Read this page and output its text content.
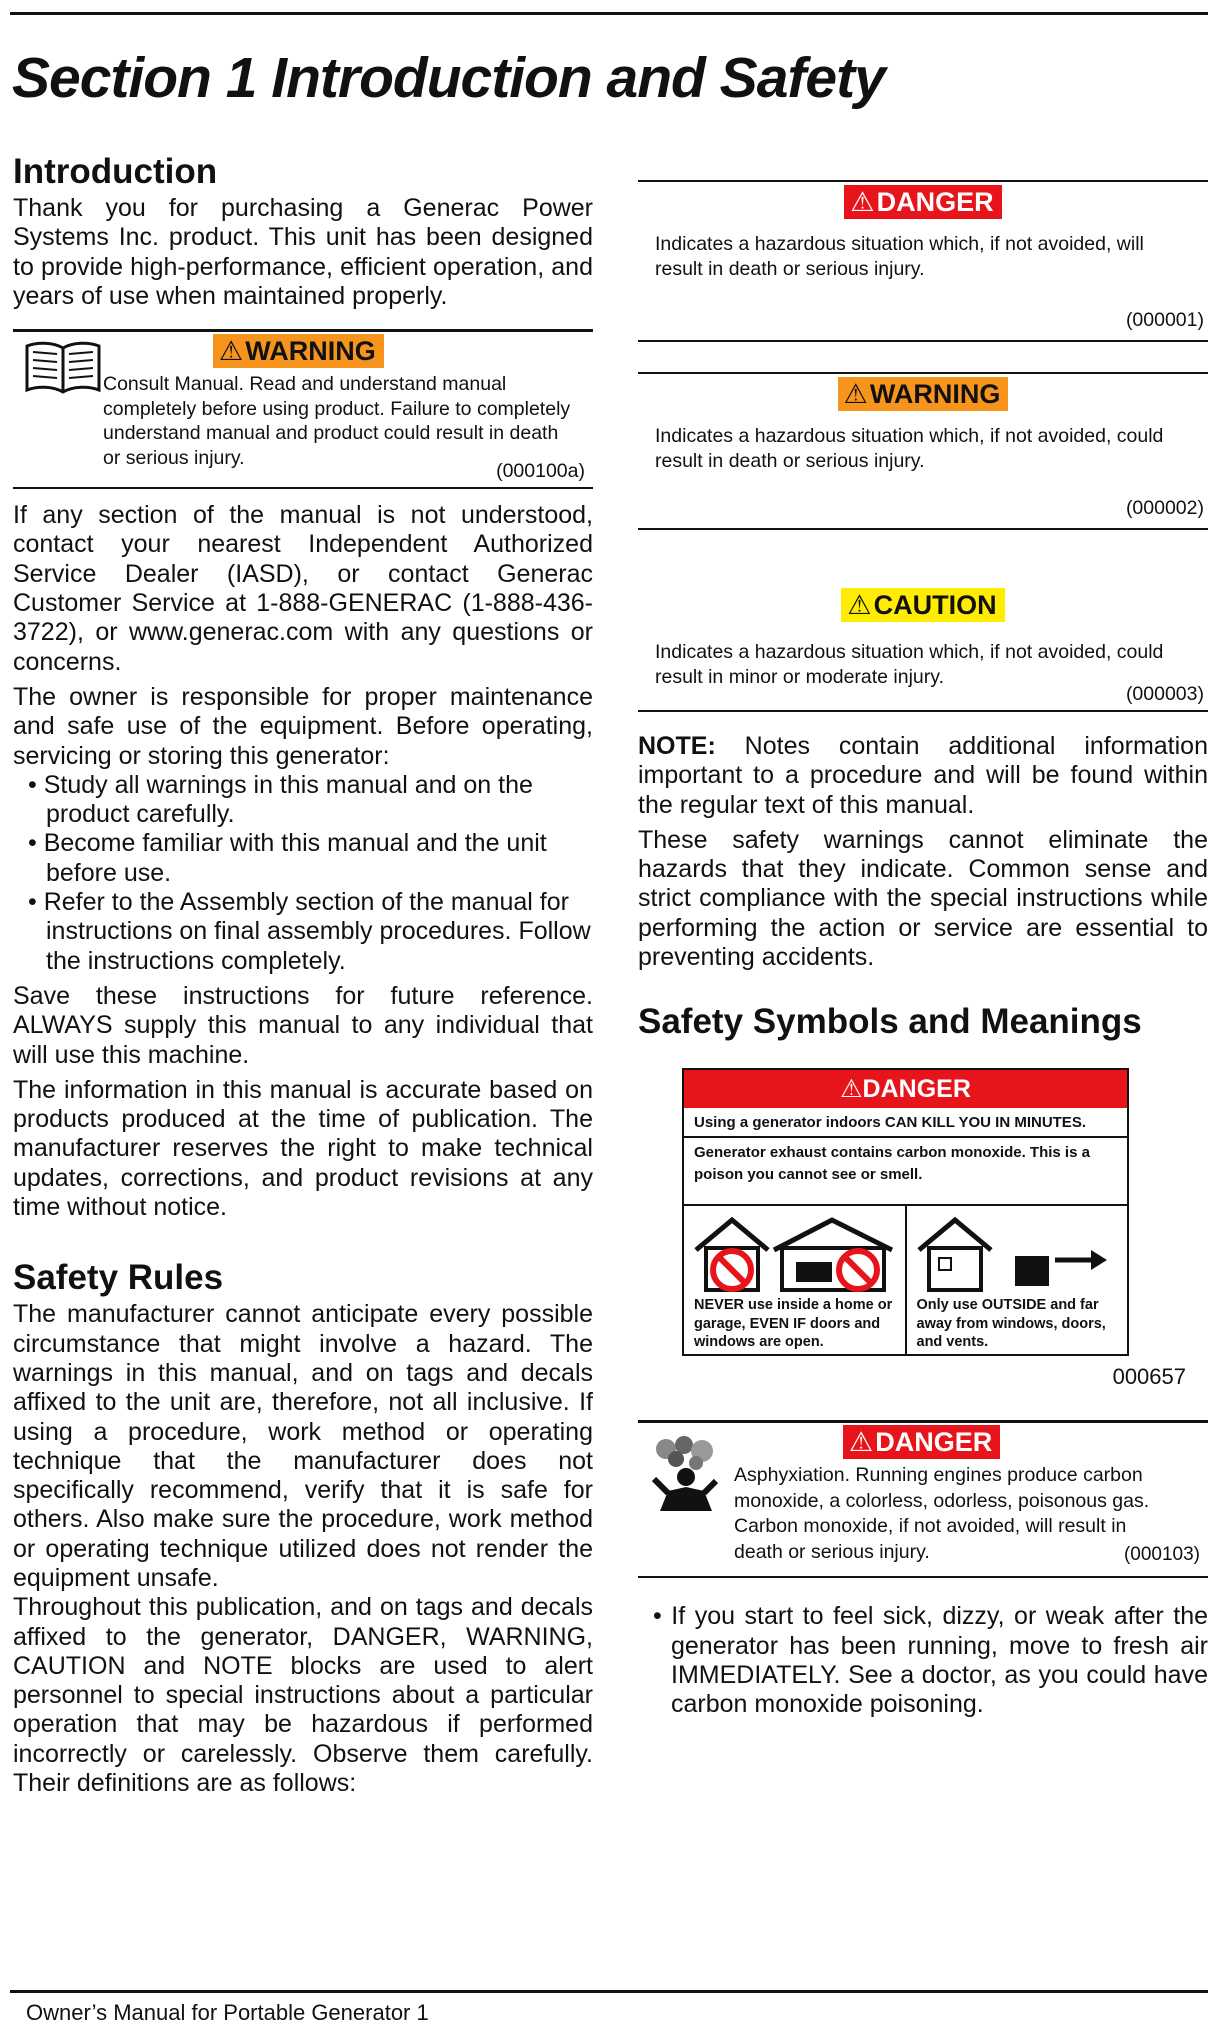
Section 1 Introduction and Safety
Introduction

Thank you for purchasing a Generac Power Systems Inc. product. This unit has been designed to provide high-performance, efficient operation, and years of use when maintained properly.

⚠ WARNING
Consult Manual. Read and understand manual completely before using product. Failure to completely understand manual and product could result in death or serious injury.
(000100a)

If any section of the manual is not understood, contact your nearest Independent Authorized Service Dealer (IASD), or contact Generac Customer Service at 1-888-GENERAC (1-888-436-3722), or www.generac.com with any questions or concerns.

The owner is responsible for proper maintenance and safe use of the equipment. Before operating, servicing or storing this generator:

• Study all warnings in this manual and on the product carefully.
• Become familiar with this manual and the unit before use.
• Refer to the Assembly section of the manual for instructions on final assembly procedures. Follow the instructions completely.

Save these instructions for future reference. ALWAYS supply this manual to any individual that will use this machine.

The information in this manual is accurate based on products produced at the time of publication. The manufacturer reserves the right to make technical updates, corrections, and product revisions at any time without notice.

Safety Rules

The manufacturer cannot anticipate every possible circumstance that might involve a hazard. The warnings in this manual, and on tags and decals affixed to the unit are, therefore, not all inclusive. If using a procedure, work method or operating technique that the manufacturer does not specifically recommend, verify that it is safe for others. Also make sure the procedure, work method or operating technique utilized does not render the equipment unsafe.

Throughout this publication, and on tags and decals affixed to the generator, DANGER, WARNING, CAUTION and NOTE blocks are used to alert personnel to special instructions about a particular operation that may be hazardous if performed incorrectly or carelessly. Observe them carefully. Their definitions are as follows:

⚠ DANGER
Indicates a hazardous situation which, if not avoided, will result in death or serious injury.
(000001)
⚠ WARNING
Indicates a hazardous situation which, if not avoided, could result in death or serious injury.
(000002)
⚠ CAUTION
Indicates a hazardous situation which, if not avoided, could result in minor or moderate injury.
(000003)

NOTE: Notes contain additional information important to a procedure and will be found within the regular text of this manual.

These safety warnings cannot eliminate the hazards that they indicate. Common sense and strict compliance with the special instructions while performing the action or service are essential to preventing accidents.

Safety Symbols and Meanings
⚠ DANGER
Using a generator indoors CAN KILL YOU IN MINUTES.
Generator exhaust contains carbon monoxide. This is a poison you cannot see or smell.
NEVER use inside a home or garage, EVEN IF doors and windows are open.
Only use OUTSIDE and far away from windows, doors, and vents.
000657
⚠ DANGER
Asphyxiation. Running engines produce carbon monoxide, a colorless, odorless, poisonous gas. Carbon monoxide, if not avoided, will result in death or serious injury.	(000103)
• If you start to feel sick, dizzy, or weak after the generator has been running, move to fresh air IMMEDIATELY. See a doctor, as you could have carbon monoxide poisoning.
Owner’s Manual for Portable Generator 1
